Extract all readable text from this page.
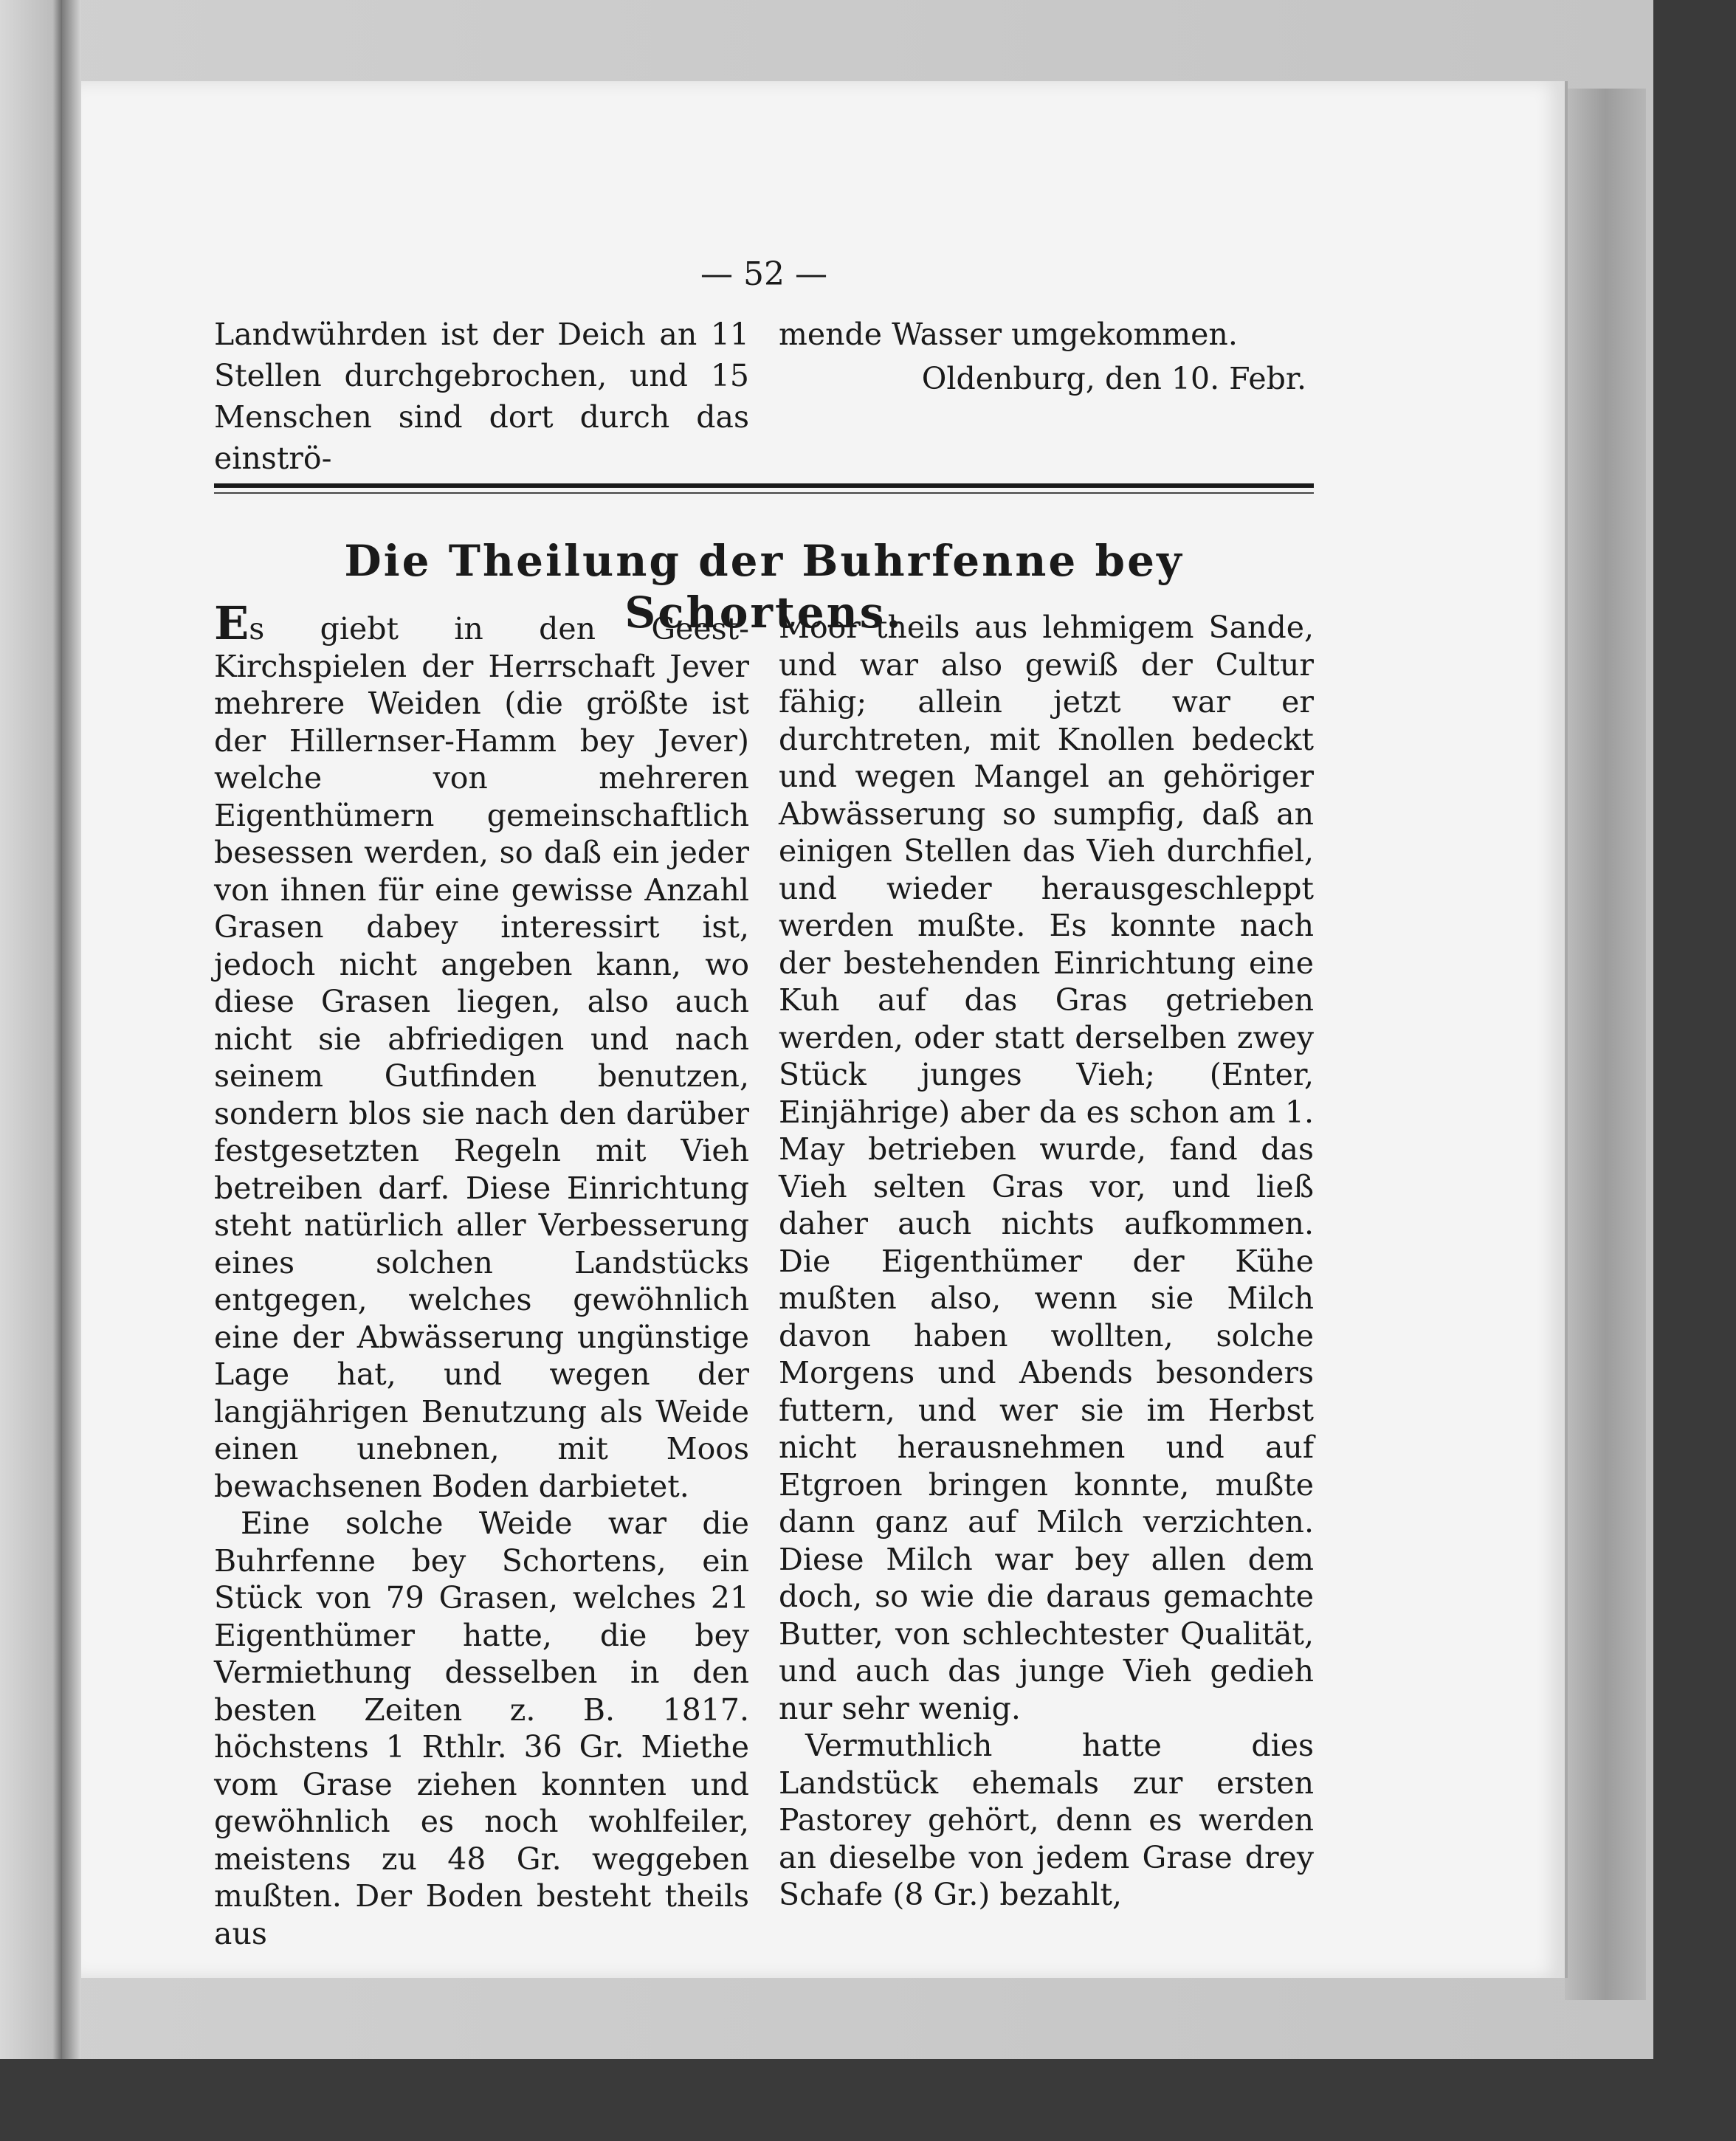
— 52 —
Landwührden ist der Deich an 11 Stellen durchgebrochen, und 15 Menschen sind dort durch das einströ-

mende Wasser umgekommen.

Oldenburg, den 10. Febr.

Die Theilung der Buhrfenne bey Schortens.

Es giebt in den Geest-Kirchspielen der Herrschaft Jever mehrere Weiden (die größte ist der Hillernser-Hamm bey Jever) welche von mehreren Eigenthümern gemeinschaftlich besessen werden, so daß ein jeder von ihnen für eine gewisse Anzahl Grasen dabey interessirt ist, jedoch nicht angeben kann, wo diese Grasen liegen, also auch nicht sie abfriedigen und nach seinem Gutfinden benutzen, sondern blos sie nach den darüber festgesetzten Regeln mit Vieh betreiben darf. Diese Einrichtung steht natürlich aller Verbesserung eines solchen Landstücks entgegen, welches gewöhnlich eine der Abwässerung ungünstige Lage hat, und wegen der langjährigen Benutzung als Weide einen unebnen, mit Moos bewachsenen Boden darbietet.

Eine solche Weide war die Buhrfenne bey Schortens, ein Stück von 79 Grasen, welches 21 Eigenthümer hatte, die bey Vermiethung desselben in den besten Zeiten z. B. 1817. höchstens 1 Rthlr. 36 Gr. Miethe vom Grase ziehen konnten und gewöhnlich es noch wohlfeiler, meistens zu 48 Gr. weggeben mußten. Der Boden besteht theils aus

Moor theils aus lehmigem Sande, und war also gewiß der Cultur fähig; allein jetzt war er durchtreten, mit Knollen bedeckt und wegen Mangel an gehöriger Abwässerung so sumpfig, daß an einigen Stellen das Vieh durchfiel, und wieder herausgeschleppt werden mußte. Es konnte nach der bestehenden Einrichtung eine Kuh auf das Gras getrieben werden, oder statt derselben zwey Stück junges Vieh; (Enter, Einjährige) aber da es schon am 1. May betrieben wurde, fand das Vieh selten Gras vor, und ließ daher auch nichts aufkommen. Die Eigenthümer der Kühe mußten also, wenn sie Milch davon haben wollten, solche Morgens und Abends besonders futtern, und wer sie im Herbst nicht herausnehmen und auf Etgroen bringen konnte, mußte dann ganz auf Milch verzichten. Diese Milch war bey allen dem doch, so wie die daraus gemachte Butter, von schlechtester Qualität, und auch das junge Vieh gedieh nur sehr wenig.

Vermuthlich hatte dies Landstück ehemals zur ersten Pastorey gehört, denn es werden an dieselbe von jedem Grase drey Schafe (8 Gr.) bezahlt,
